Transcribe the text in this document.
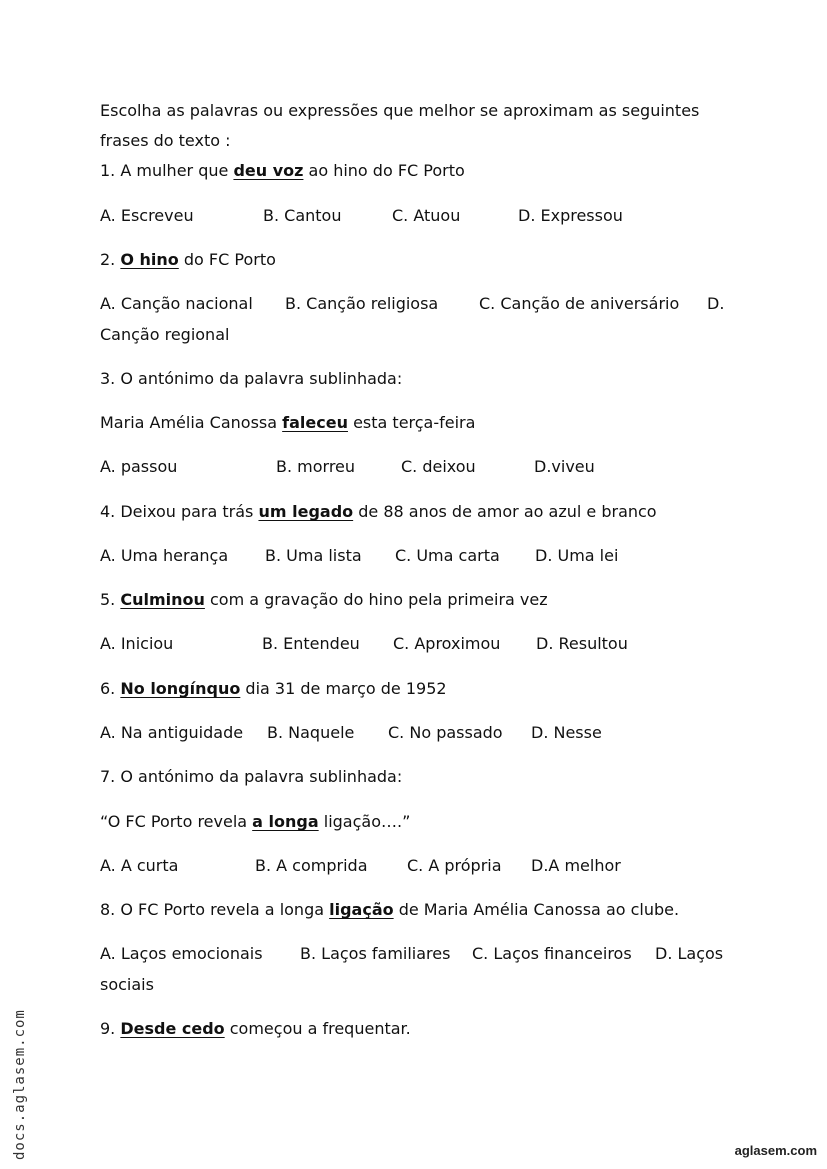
Escolha as palavras ou expressões que melhor se aproximam as seguintes
frases do texto :
1. A mulher que deu voz ao hino do FC Porto
A. Escreveu	B. Cantou	C. Atuou	D. Expressou
2. O hino do FC Porto
A. Canção nacional B. Canção religiosa	C. Canção de aniversário D.
Canção regional
3. O antónimo da palavra sublinhada:
Maria Amélia Canossa faleceu esta terça-feira
A. passou	B. morreu	C. deixou	D.viveu
4. Deixou para trás um legado de 88 anos de amor ao azul e branco
A. Uma herança B. Uma lista C. Uma carta D. Uma lei
5. Culminou com a gravação do hino pela primeira vez
A. Iniciou	B. Entendeu C. Aproximou D. Resultou
6. No longínquo dia 31 de março de 1952
A. Na antiguidade B. Naquele C. No passado D. Nesse
7. O antónimo da palavra sublinhada:
“O FC Porto revela a longa ligação….”
A. A curta	B. A comprida C. A própria D.A melhor
8. O FC Porto revela a longa ligação de Maria Amélia Canossa ao clube.
A. Laços emocionais B. Laços familiares C. Laços financeiros D. Laços
sociais
9. Desde cedo começou a frequentar.
docs.aglasem.com	aglasem.com
